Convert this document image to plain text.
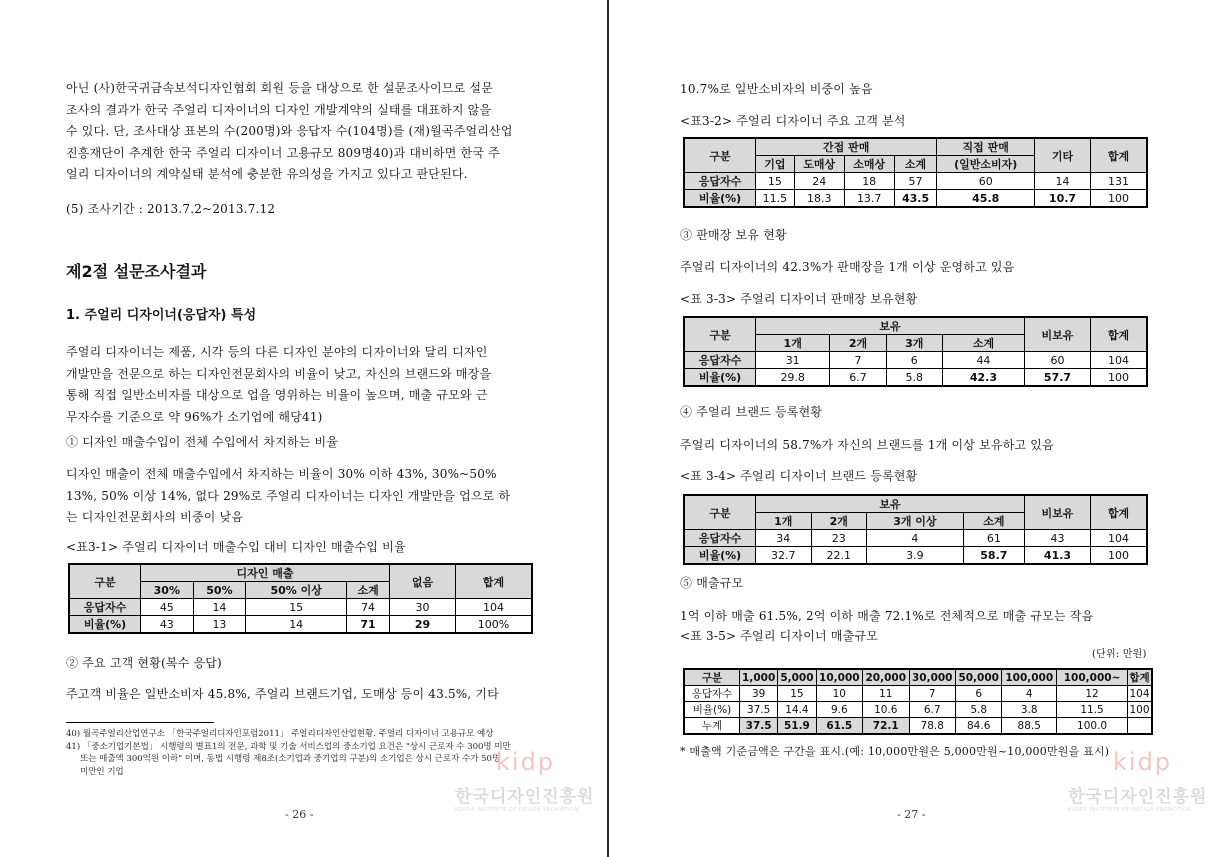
아닌 (사)한국귀금속보석디자인협회 회원 등을 대상으로 한 설문조사이므로 설문
조사의 결과가 한국 주얼리 디자이너의 디자인 개발계약의 실태를 대표하지 않을
수 있다. 단, 조사대상 표본의 수(200명)와 응답자 수(104명)를 (재)월곡주얼리산업
진흥재단이 추계한 한국 주얼리 디자이너 고용규모 809명40)과 대비하면 한국 주
얼리 디자이너의 계약실태 분석에 충분한 유의성을 가지고 있다고 판단된다.
(5) 조사기간 : 2013.7.2~2013.7.12
제2절 설문조사결과
1. 주얼리 디자이너(응답자) 특성
주얼리 디자이너는 제품, 시각 등의 다른 디자인 분야의 디자이너와 달리 디자인
개발만을 전문으로 하는 디자인전문회사의 비율이 낮고, 자신의 브랜드와 매장을
통해 직접 일반소비자를 대상으로 업을 영위하는 비율이 높으며, 매출 규모와 근
무자수를 기준으로 약 96%가 소기업에 해당41)
① 디자인 매출수입이 전체 수입에서 차지하는 비율
디자인 매출이 전체 매출수입에서 차지하는 비율이 30% 이하 43%, 30%~50%
13%, 50% 이상 14%, 없다 29%로 주얼리 디자이너는 디자인 개발만을 업으로 하
는 디자인전문회사의 비중이 낮음
<표3-1> 주얼리 디자이너 매출수입 대비 디자인 매출수입 비율
구분	디자인 매출				없음	합계
	30%	50%	50% 이상	소계		
응답자수	45	14	15	74	30	104
비율(%)	43	13	14	71	29	100%
② 주요 고객 현황(복수 응답)
주고객 비율은 일반소비자 45.8%, 주얼리 브랜드기업, 도매상 등이 43.5%, 기타
40) 월곡주얼리산업연구소 「한국주얼리디자인포럼2011」 주얼리디자인산업현황. 주얼리 디자이너 고용규모 예상
41) 「중소기업기본법」 시행령의 별표1의 전문, 과학 및 기술 서비스업의 중소기업 요건은 "상시 근로자 수 300명 미만
또는 매출액 300억원 이하" 이며, 동법 시행령 제8조(소기업과 중기업의 구분)의 소기업은 상시 근로자 수가 50명
미만인 기업	kidp
한국디자인진흥원
KOREA INSTITUTE OF DESIGN PROMOTION
- 26 -
10.7%로 일반소비자의 비중이 높음
<표3-2> 주얼리 디자이너 주요 고객 분석
구분	간접 판매				직접 판매	기타	합계
	기업	도매상	소매상	소계	(일반소비자)		
응답자수	15	24	18	57	60	14	131
비율(%)	11.5	18.3	13.7	43.5	45.8	10.7	100
③ 판매장 보유 현황
주얼리 디자이너의 42.3%가 판매장을 1개 이상 운영하고 있음
<표 3-3> 주얼리 디자이너 판매장 보유현황
구분	보유				비보유	합계
	1개	2개	3개	소계		
응답자수	31	7	6	44	60	104
비율(%)	29.8	6.7	5.8	42.3	57.7	100
④ 주얼리 브랜드 등록현황
주얼리 디자이너의 58.7%가 자신의 브랜드를 1개 이상 보유하고 있음
<표 3-4> 주얼리 디자이너 브랜드 등록현황
구분	보유				비보유	합계
	1개	2개	3개 이상	소계		
응답자수	34	23	4	61	43	104
비율(%)	32.7	22.1	3.9	58.7	41.3	100
⑤ 매출규모
1억 이하 매출 61.5%, 2억 이하 매출 72.1%로 전체적으로 매출 규모는 작음
<표 3-5> 주얼리 디자이너 매출규모
(단위: 만원)
구분	1,000	5,000	10,000	20,000	30,000	50,000	100,000	100,000~	합계
응답자수	39	15	10	11	7	6	4	12	104
비율(%)	37.5	14.4	9.6	10.6	6.7	5.8	3.8	11.5	100
누계	37.5	51.9	61.5	72.1	78.8	84.6	88.5	100.0	
* 매출액 기준금액은 구간을 표시.(예: 10,000만원은 5,000만원~10,000만원을 표시) kidp
한국디자인진흥원
KOREA INSTITUTE OF DESIGN PROMOTION
- 27 -
